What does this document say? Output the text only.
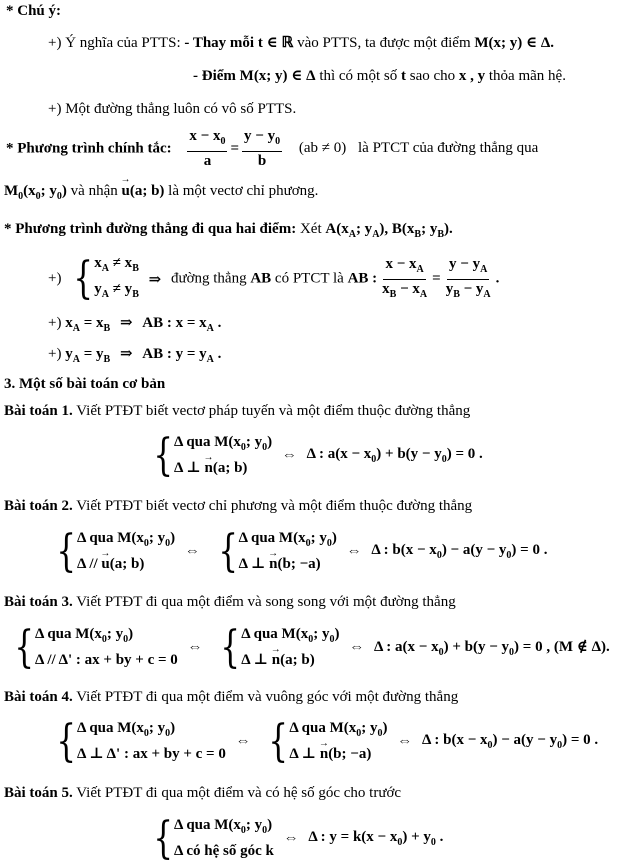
* Chú ý:
+) Ý nghĩa của PTTS: - Thay mỗi t ∈ ℝ vào PTTS, ta được một điểm M(x; y) ∈ Δ.
- Điểm M(x; y) ∈ Δ thì có một số t sao cho x , y thỏa mãn hệ.
+) Một đường thẳng luôn có vô số PTTS.
* Phương trình chính tắc: $\frac{x - x_0}{a} = \frac{y - y_0}{b} (ab \ne 0)$ là PTCT của đường thẳng qua
$M_0(x_0$; $y_0$) và nhận → u(a; b) là một vectơ chỉ phương.
* Phương trình đường thẳng đi qua hai điểm: Xét $A(x_A$; $y_A$), $B(x_B$; $y_B$).
+) { $x_A \ne x_B$
$y_A \ne y_B$
⇒ đường thẳng AB có PTCT là AB : $\frac{x - x_A}{x_B - x_A} = \frac{y - y_A}{y_B - y_A}$ .
+) $x_A = x_B$ ⇒ AB : $x = x_A$ .
+) $y_A = y_B$ ⇒ AB : $y = y_A$ .
3. Một số bài toán cơ bản
Bài toán 1. Viết PTĐT biết vectơ pháp tuyến và một điểm thuộc đường thẳng
{ Δ qua $M(x_0$; $y_0$)
Δ ⊥ → n(a; b)
⇔ Δ : $a(x - x_0) + b(y - y_0) = 0$ .
Bài toán 2. Viết PTĐT biết vectơ chỉ phương và một điểm thuộc đường thẳng
{ Δ qua $M(x_0$; $y_0$)
Δ // → u(a; b)
⇔ { Δ qua $M(x_0$; $y_0$)
Δ ⊥ → n(b; −a)
⇔ Δ : $b(x - x_0) - a(y - y_0) = 0$ .
Bài toán 3. Viết PTĐT đi qua một điểm và song song với một đường thẳng
{ Δ qua $M(x_0$; $y_0$)
Δ // Δ' : ax + by + c = 0
⇔ { Δ qua $M(x_0$; $y_0$)
Δ ⊥ → n(a; b)
⇔ Δ : $a(x - x_0) + b(y - y_0) = 0$ , (M ∉ Δ).
Bài toán 4. Viết PTĐT đi qua một điểm và vuông góc với một đường thẳng
{ Δ qua $M(x_0$; $y_0$)
Δ ⊥ Δ' : ax + by + c = 0
⇔ { Δ qua $M(x_0$; $y_0$)
Δ ⊥ → n(b; −a)
⇔ Δ : $b(x - x_0) - a(y - y_0) = 0$ .
Bài toán 5. Viết PTĐT đi qua một điểm và có hệ số góc cho trước
{ Δ qua $M(x_0$; $y_0$)
Δ có hệ số góc k
⇔ Δ : $y = k(x - x_0) + y_0$ .
